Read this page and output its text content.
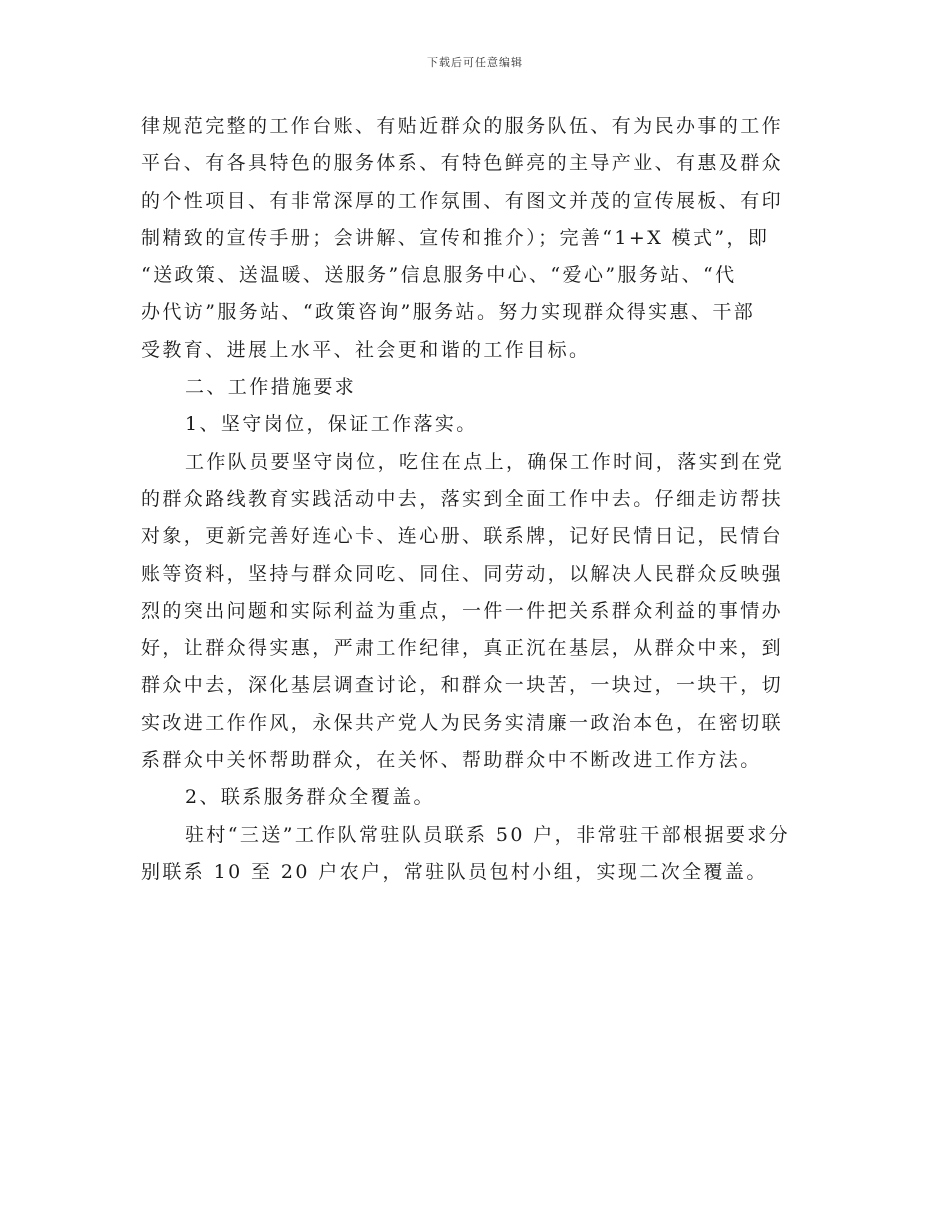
下载后可任意编辑

律规范完整的工作台账、有贴近群众的服务队伍、有为民办事的工作

平台、有各具特色的服务体系、有特色鲜亮的主导产业、有惠及群众

的个性项目、有非常深厚的工作氛围、有图文并茂的宣传展板、有印

制精致的宣传手册；会讲解、宣传和推介）；完善“1+X 模式”，即

“送政策、送温暖、送服务”信息服务中心、“爱心”服务站、“代

办代访”服务站、“政策咨询”服务站。努力实现群众得实惠、干部

受教育、进展上水平、社会更和谐的工作目标。

二、工作措施要求

1、坚守岗位，保证工作落实。

工作队员要坚守岗位，吃住在点上，确保工作时间，落实到在党

的群众路线教育实践活动中去，落实到全面工作中去。仔细走访帮扶

对象，更新完善好连心卡、连心册、联系牌，记好民情日记，民情台

账等资料，坚持与群众同吃、同住、同劳动，以解决人民群众反映强

烈的突出问题和实际利益为重点，一件一件把关系群众利益的事情办

好，让群众得实惠，严肃工作纪律，真正沉在基层，从群众中来，到

群众中去，深化基层调查讨论，和群众一块苦，一块过，一块干，切

实改进工作作风，永保共产党人为民务实清廉一政治本色，在密切联

系群众中关怀帮助群众，在关怀、帮助群众中不断改进工作方法。

2、联系服务群众全覆盖。

驻村“三送”工作队常驻队员联系 50 户，非常驻干部根据要求分

别联系 10 至 20 户农户，常驻队员包村小组，实现二次全覆盖。
